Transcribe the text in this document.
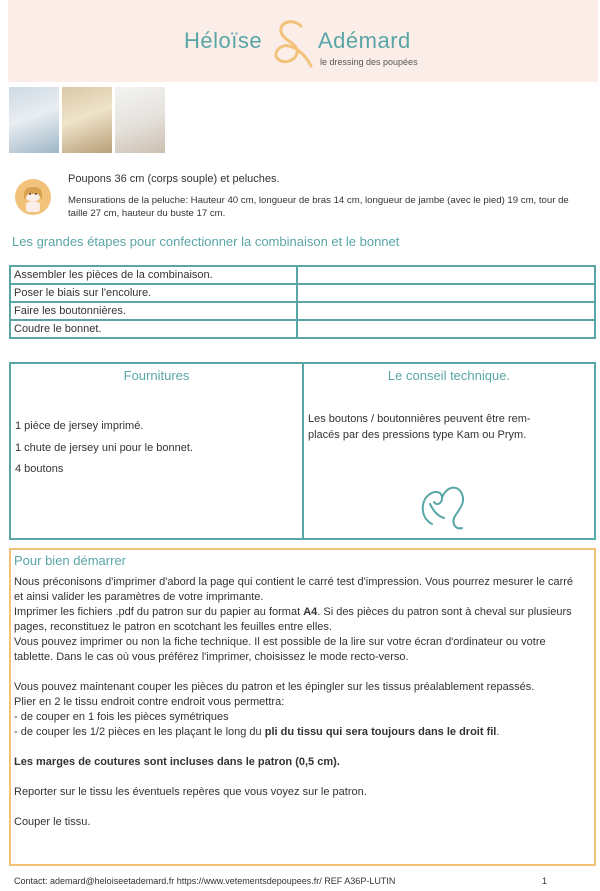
Héloïse	Adémard
le dressing des poupées
Poupons 36 cm (corps souple) et peluches.
Mensurations de la peluche: Hauteur 40 cm, longueur de bras 14 cm, longueur de jambe (avec le pied) 19 cm, tour de taille 27 cm, hauteur du buste 17 cm.
Les grandes étapes pour confectionner la combinaison et le bonnet
Assembler les pièces de la combinaison.	
Poser le biais sur l'encolure.	
Faire les boutonnières.	
Coudre le bonnet.	
Fournitures
1 pièce de jersey imprimé.
1 chute de jersey uni pour le bonnet.
4 boutons
Le conseil technique.
Les boutons / boutonnières peuvent être rem-
placés par des pressions type Kam ou Prym.
Pour bien démarrer

Nous préconisons d'imprimer d'abord la page qui contient le carré test d'impression. Vous pourrez mesurer le carré et ainsi valider les paramètres de votre imprimante.

Imprimer les fichiers .pdf du patron sur du papier au format A4. Si des pièces du patron sont à cheval sur plusieurs pages, reconstituez le patron en scotchant les feuilles entre elles.

Vous pouvez imprimer ou non la fiche technique. Il est possible de la lire sur votre écran d'ordinateur ou votre tablette. Dans le cas où vous préférez l'imprimer, choisissez le mode recto-verso.

Vous pouvez maintenant couper les pièces du patron et les épingler sur les tissus préalablement repassés.

Plier en 2 le tissu endroit contre endroit vous permettra:

- de couper en 1 fois les pièces symétriques

- de couper les 1/2 pièces en les plaçant le long du pli du tissu qui sera toujours dans le droit fil.

Les marges de coutures sont incluses dans le patron (0,5 cm).

Reporter sur le tissu les éventuels repères que vous voyez sur le patron.

Couper le tissu.

Contact: ademard@heloiseetademard.fr https://www.vetementsdepoupees.fr/ REF A36P-LUTIN	1
